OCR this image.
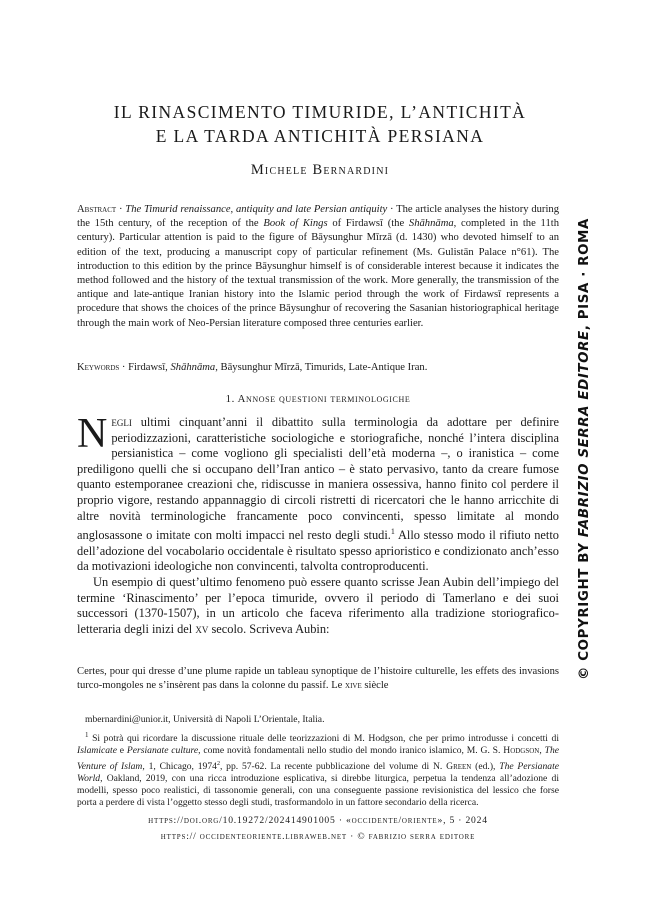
IL RINASCIMENTO TIMURIDE, L’ANTICHITÀ
E LA TARDA ANTICHITÀ PERSIANA
Michele Bernardini

Abstract · The Timurid renaissance, antiquity and late Persian antiquity · The article analyses the history during the 15th century, of the reception of the Book of Kings of Firdawsī (the Shāhnāma, completed in the 11th century). Particular attention is paid to the figure of Bāysunghur Mīrzā (d. 1430) who devoted himself to an edition of the text, producing a manuscript copy of particular refinement (Ms. Gulistān Palace n°61). The introduction to this edition by the prince Bāysunghur himself is of considerable interest because it indicates the method followed and the history of the textual transmission of the work. More generally, the transmission of the antique and late-antique Iranian history into the Islamic period through the work of Firdawsī represents a procedure that shows the choices of the prince Bāysunghur of recovering the Sasanian historiographical heritage through the main work of Neo-Persian literature composed three centuries earlier.

Keywords · Firdawsī, Shāhnāma, Bāysunghur Mīrzā, Timurids, Late-Antique Iran.

1. Annose questioni terminologiche

Negli ultimi cinquant’anni il dibattito sulla terminologia da adottare per definire periodizzazioni, caratteristiche sociologiche e storiografiche, nonché l’intera disciplina persianistica – come vogliono gli specialisti dell’età moderna –, o iranistica – come prediligono quelli che si occupano dell’Iran antico – è stato pervasivo, tanto da creare fumose quanto estemporanee creazioni che, ridiscusse in maniera ossessiva, hanno finito col perdere il proprio vigore, restando appannaggio di circoli ristretti di ricercatori che le hanno arricchite di altre novità terminologiche francamente poco convincenti, spesso limitate al mondo anglosassone o imitate con molti impacci nel resto degli studi.$^1$ Allo stesso modo il rifiuto netto dell’adozione del vocabolario occidentale è risultato spesso aprioristico e condizionato anch’esso da motivazioni ideologiche non convincenti, talvolta controproducenti.

Un esempio di quest’ultimo fenomeno può essere quanto scrisse Jean Aubin dell’impiego del termine ‘Rinascimento’ per l’epoca timuride, ovvero il periodo di Tamerlano e dei suoi successori (1370-1507), in un articolo che faceva riferimento alla tradizione storiografico-letteraria degli inizi del xv secolo. Scriveva Aubin:

Certes, pour qui dresse d’une plume rapide un tableau synoptique de l’histoire culturelle, les effets des invasions turco-mongoles ne s’insèrent pas dans la colonne du passif. Le xive siècle

mbernardini@unior.it, Università di Napoli L’Orientale, Italia.

$^1$ Si potrà qui ricordare la discussione rituale delle teorizzazioni di M. Hodgson, che per primo introdusse i concetti di Islamicate e Persianate culture, come novità fondamentali nello studio del mondo iranico islamico, M. G. S. Hodgson, The Venture of Islam, 1, Chicago, 1974$^2$, pp. 57-62. La recente pubblicazione del volume di N. Green (ed.), The Persianate World, Oakland, 2019, con una ricca introduzione esplicativa, si direbbe liturgica, perpetua la tendenza all’adozione di modelli, spesso poco realistici, di tassonomie generali, con una conseguente passione revisionistica del lessico che forse porta a perdere di vista l’oggetto stesso degli studi, trasformandolo in un fattore secondario della ricerca.

https://doi.org/10.19272/202414901005 · «occidente/oriente», 5 · 2024

https:// occidenteoriente.libraweb.net · © fabrizio serra editore

© COPYRIGHT BY FABRIZIO SERRA EDITORE, PISA · ROMA
